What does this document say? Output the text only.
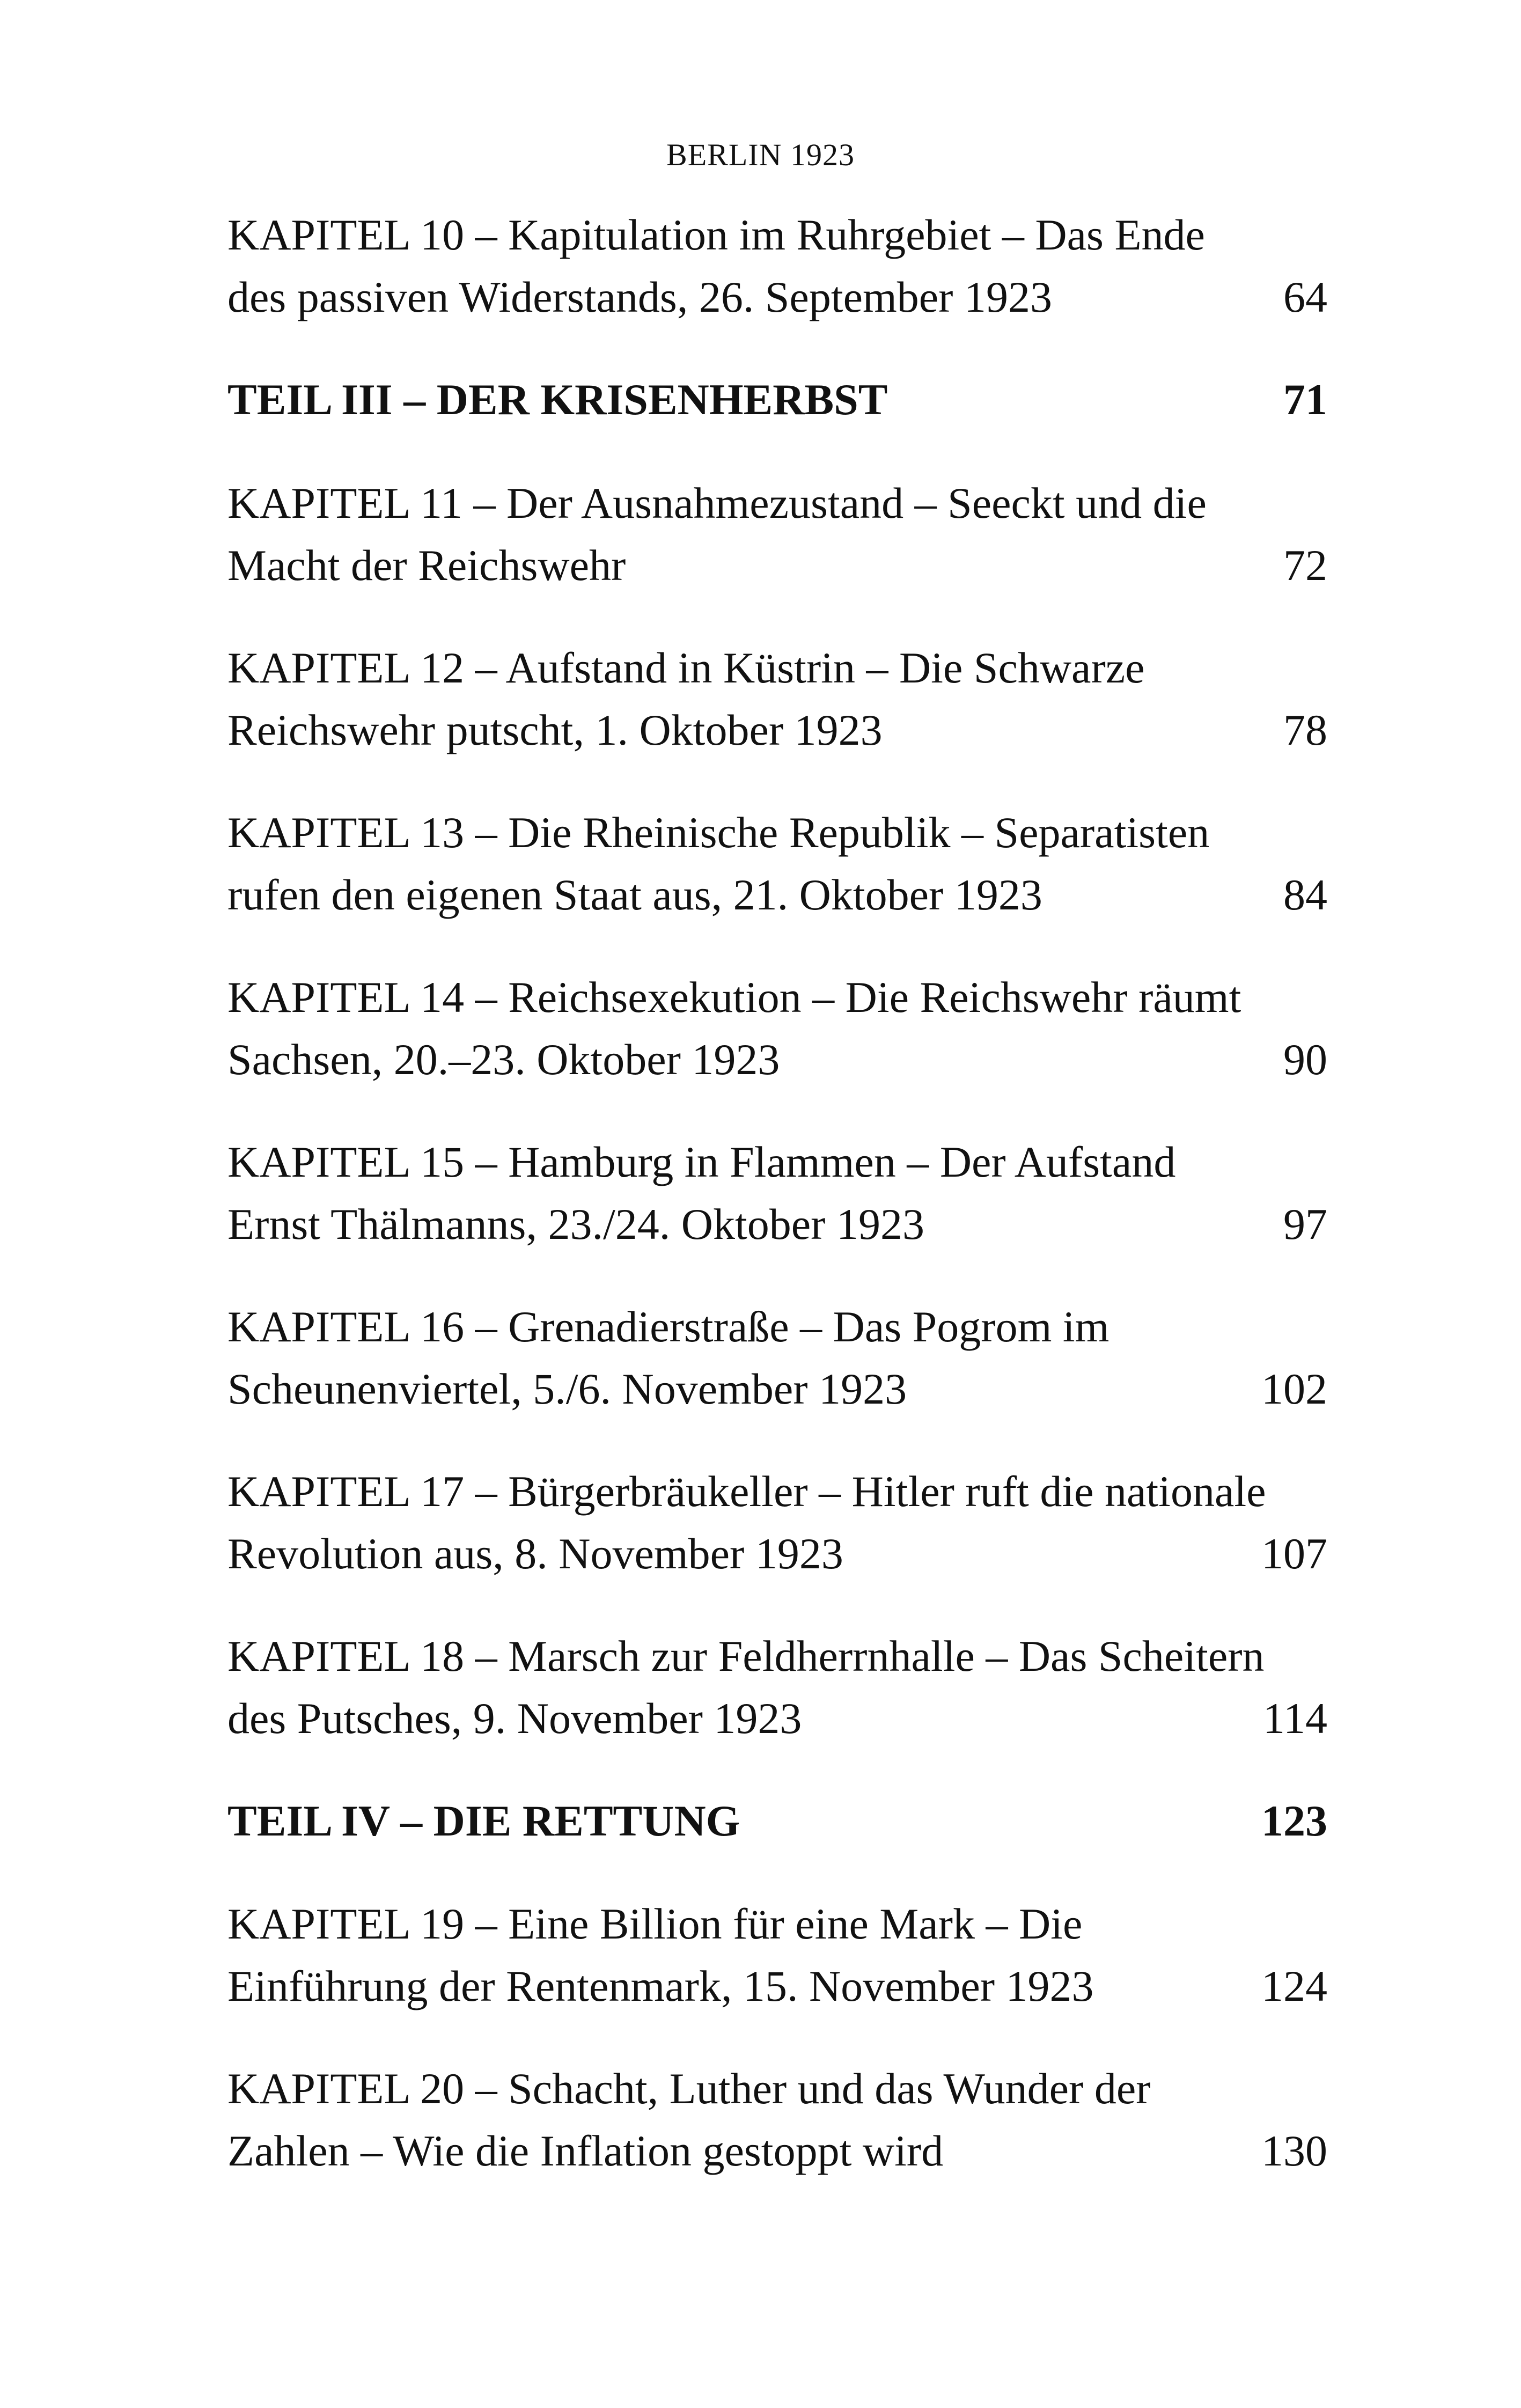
BERLIN 1923
KAPITEL 10 – Kapitulation im Ruhrgebiet – Das Ende
des passiven Widerstands, 26. September 1923	64
TEIL III – DER KRISENHERBST	71
KAPITEL 11 – Der Ausnahmezustand – Seeckt und die
Macht der Reichswehr	72
KAPITEL 12 – Aufstand in Küstrin – Die Schwarze
Reichswehr putscht, 1. Oktober 1923	78
KAPITEL 13 – Die Rheinische Republik – Separatisten
rufen den eigenen Staat aus, 21. Oktober 1923	84
KAPITEL 14 – Reichsexekution – Die Reichswehr räumt
Sachsen, 20.–23. Oktober 1923	90
KAPITEL 15 – Hamburg in Flammen – Der Aufstand
Ernst Thälmanns, 23./24. Oktober 1923	97
KAPITEL 16 – Grenadierstraße – Das Pogrom im
Scheunenviertel, 5./6. November 1923	102
KAPITEL 17 – Bürgerbräukeller – Hitler ruft die nationale
Revolution aus, 8. November 1923	107
KAPITEL 18 – Marsch zur Feldherrnhalle – Das Scheitern
des Putsches, 9. November 1923	114
TEIL IV – DIE RETTUNG	123
KAPITEL 19 – Eine Billion für eine Mark – Die
Einführung der Rentenmark, 15. November 1923	124
KAPITEL 20 – Schacht, Luther und das Wunder der
Zahlen – Wie die Inflation gestoppt wird	130
